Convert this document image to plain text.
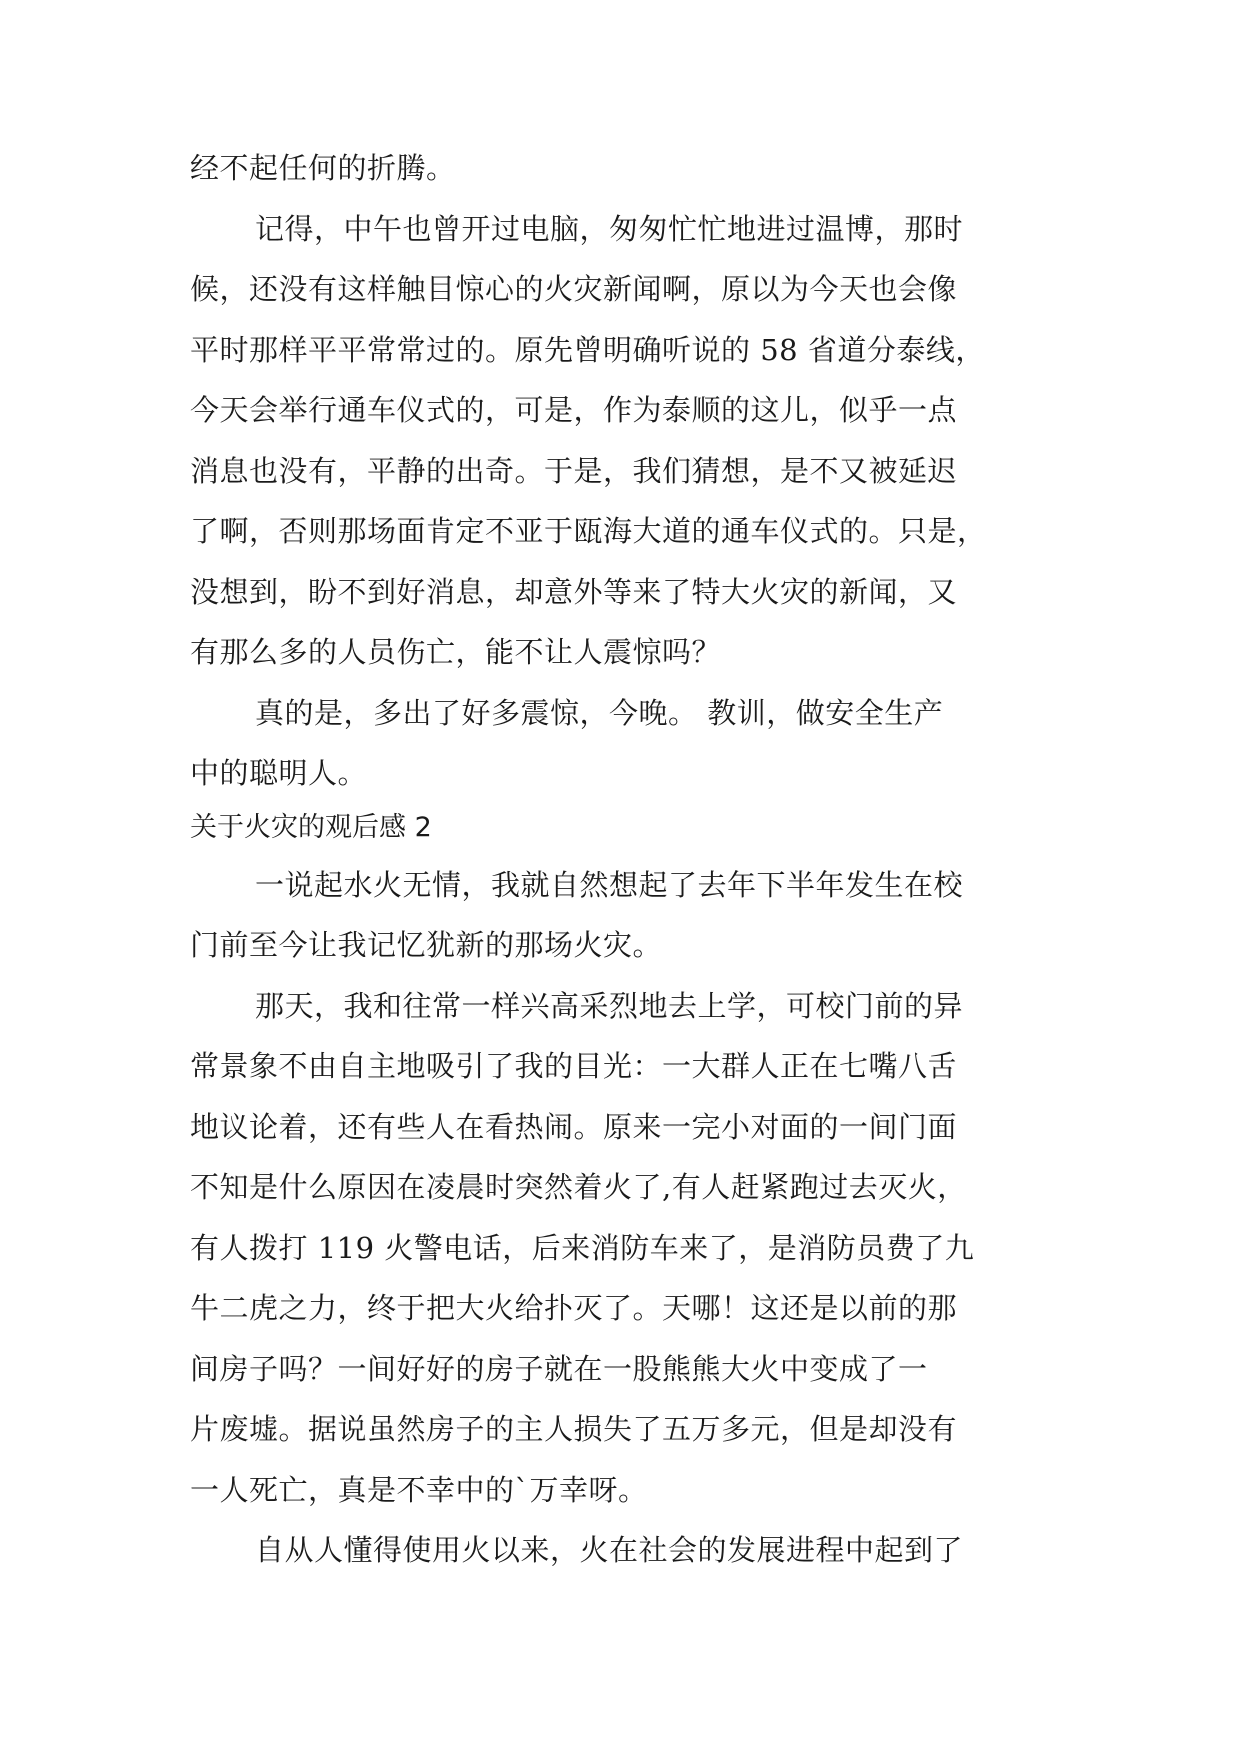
经不起任何的折腾。

记得，中午也曾开过电脑，匆匆忙忙地进过温博，那时

候，还没有这样触目惊心的火灾新闻啊，原以为今天也会像

平时那样平平常常过的。原先曾明确听说的 58 省道分泰线，

今天会举行通车仪式的，可是，作为泰顺的这儿，似乎一点

消息也没有，平静的出奇。于是，我们猜想，是不又被延迟

了啊，否则那场面肯定不亚于瓯海大道的通车仪式的。只是，

没想到，盼不到好消息，却意外等来了特大火灾的新闻，又

有那么多的人员伤亡，能不让人震惊吗？

真的是，多出了好多震惊，今晚。 教训，做安全生产

中的聪明人。

关于火灾的观后感 2

一说起水火无情，我就自然想起了去年下半年发生在校

门前至今让我记忆犹新的那场火灾。

那天，我和往常一样兴高采烈地去上学，可校门前的异

常景象不由自主地吸引了我的目光：一大群人正在七嘴八舌

地议论着，还有些人在看热闹。原来一完小对面的一间门面

不知是什么原因在凌晨时突然着火了,有人赶紧跑过去灭火，

有人拨打 119 火警电话，后来消防车来了，是消防员费了九

牛二虎之力，终于把大火给扑灭了。天哪！这还是以前的那

间房子吗？一间好好的房子就在一股熊熊大火中变成了一

片废墟。据说虽然房子的主人损失了五万多元，但是却没有

一人死亡，真是不幸中的`万幸呀。

自从人懂得使用火以来，火在社会的发展进程中起到了
